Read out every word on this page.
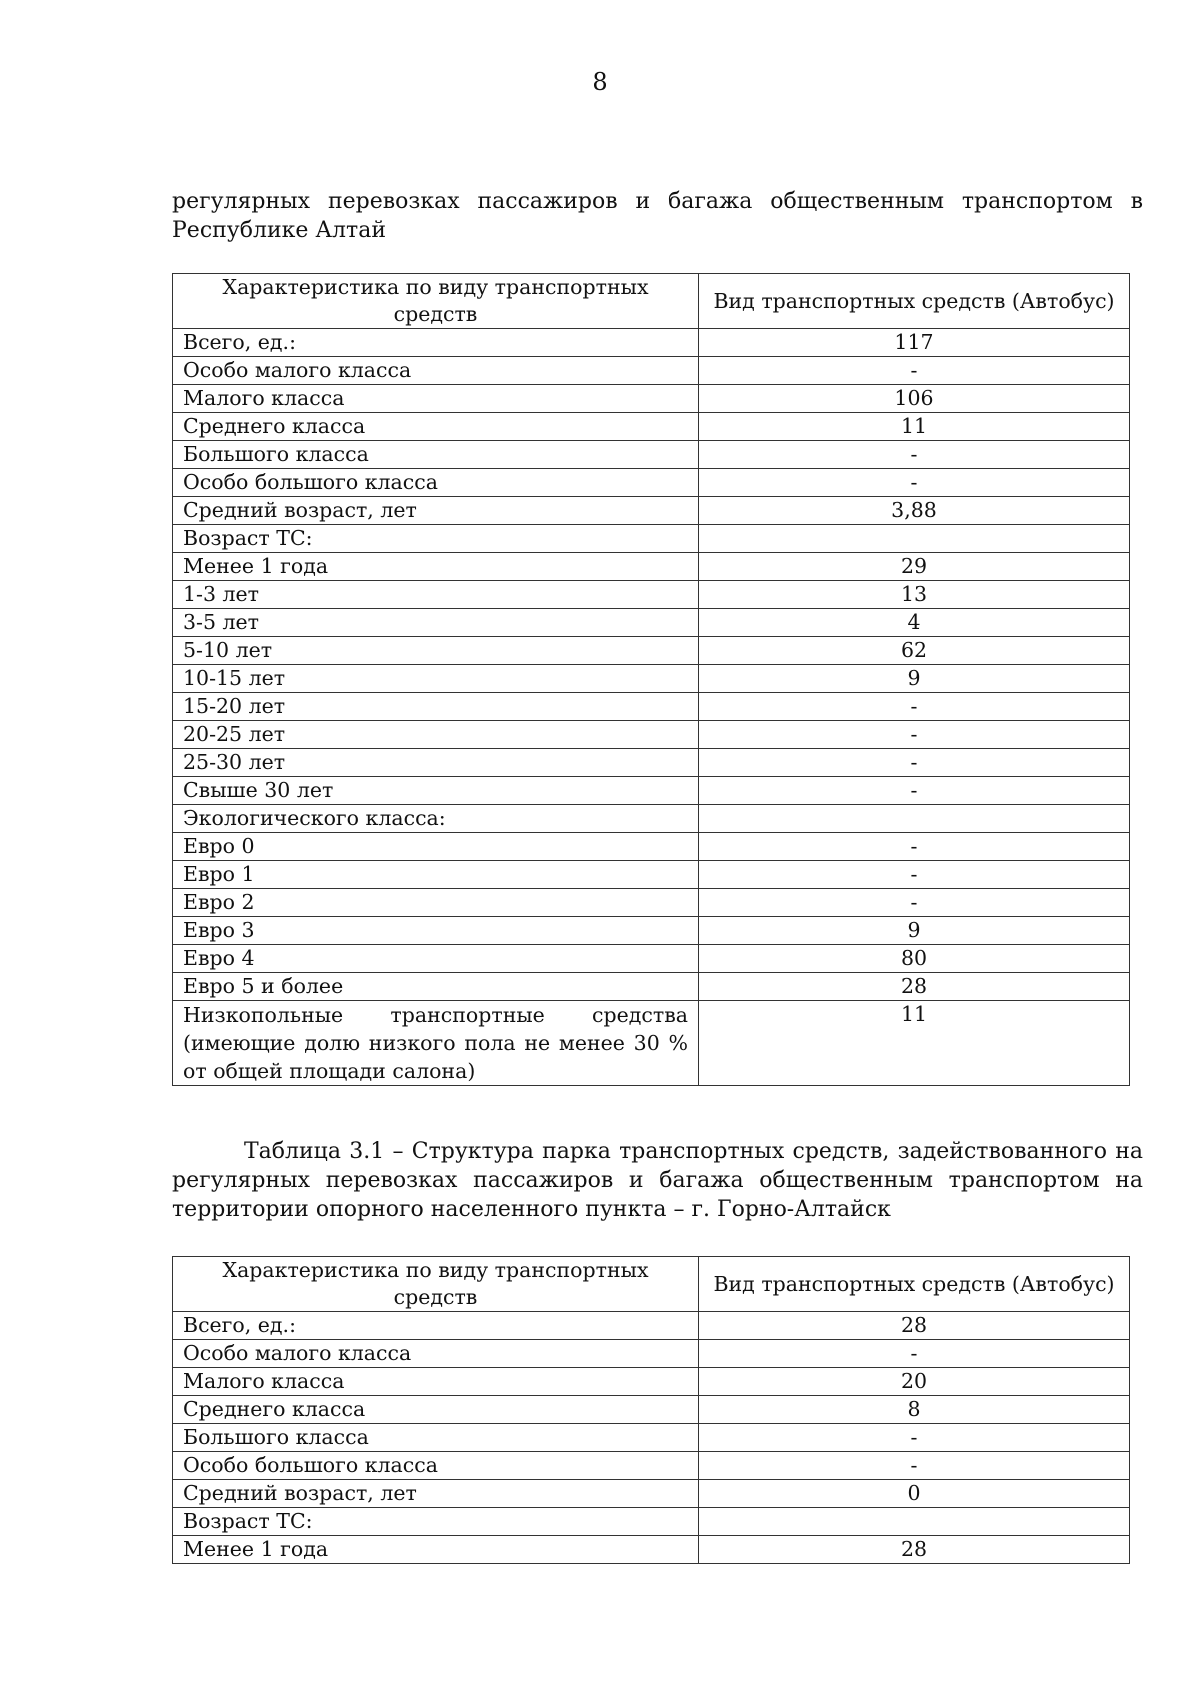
8

регулярных перевозках пассажиров и багажа общественным транспортом в Республике Алтай

Характеристика по виду транспортных средств	Вид транспортных средств (Автобус)
Всего, ед.:	117
Особо малого класса	-
Малого класса	106
Среднего класса	11
Большого класса	-
Особо большого класса	-
Средний возраст, лет	3,88
Возраст ТС:	
Менее 1 года	29
1-3 лет	13
3-5 лет	4
5-10 лет	62
10-15 лет	9
15-20 лет	-
20-25 лет	-
25-30 лет	-
Свыше 30 лет	-
Экологического класса:	
Евро 0	-
Евро 1	-
Евро 2	-
Евро 3	9
Евро 4	80
Евро 5 и более	28
Низкопольные транспортные средства (имеющие долю низкого пола не менее 30 % от общей площади салона)	11

Таблица 3.1 – Структура парка транспортных средств, задействованного на регулярных перевозках пассажиров и багажа общественным транспортом на территории опорного населенного пункта – г. Горно-Алтайск

Характеристика по виду транспортных средств	Вид транспортных средств (Автобус)
Всего, ед.:	28
Особо малого класса	-
Малого класса	20
Среднего класса	8
Большого класса	-
Особо большого класса	-
Средний возраст, лет	0
Возраст ТС:	
Менее 1 года	28
